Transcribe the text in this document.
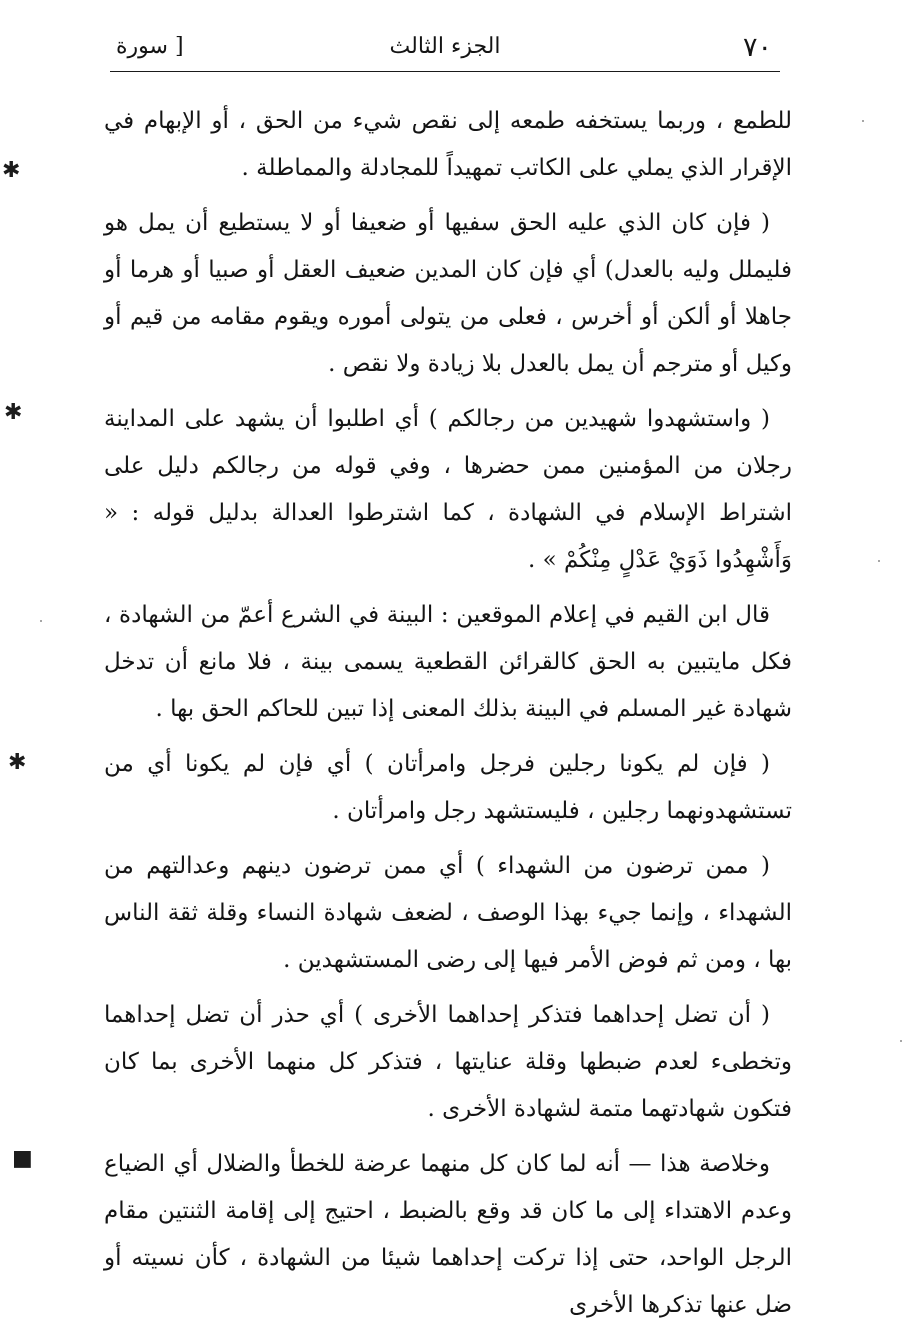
٧٠
الجزء الثالث
[ سورة

للطمع ، وربما يستخفه طمعه إلى نقص شيء من الحق ، أو الإبهام في الإقرار الذي يملي على الكاتب تمهيداً للمجادلة والمماطلة .

( فإن كان الذي عليه الحق سفيها أو ضعيفا أو لا يستطيع أن يمل هو فليملل وليه بالعدل) أي فإن كان المدين ضعيف العقل أو صبيا أو هرما أو جاهلا أو ألكن أو أخرس ، فعلى من يتولى أموره ويقوم مقامه من قيم أو وكيل أو مترجم أن يمل بالعدل بلا زيادة ولا نقص .

( واستشهدوا شهيدين من رجالكم ) أي اطلبوا أن يشهد على المداينة رجلان من المؤمنين ممن حضرها ، وفي قوله من رجالكم دليل على اشتراط الإسلام في الشهادة ، كما اشترطوا العدالة بدليل قوله : « وَأَشْهِدُوا ذَوَيْ عَدْلٍ مِنْكُمْ » .

قال ابن القيم في إعلام الموقعين : البينة في الشرع أعمّ من الشهادة ، فكل مايتبين به الحق كالقرائن القطعية يسمى بينة ، فلا مانع أن تدخل شهادة غير المسلم في البينة بذلك المعنى إذا تبين للحاكم الحق بها .

( فإن لم يكونا رجلين فرجل وامرأتان ) أي فإن لم يكونا أي من تستشهدونهما رجلين ، فليستشهد رجل وامرأتان .

( ممن ترضون من الشهداء ) أي ممن ترضون دينهم وعدالتهم من الشهداء ، وإنما جيء بهذا الوصف ، لضعف شهادة النساء وقلة ثقة الناس بها ، ومن ثم فوض الأمر فيها إلى رضى المستشهدين .

( أن تضل إحداهما فتذكر إحداهما الأخرى ) أي حذر أن تضل إحداهما وتخطىء لعدم ضبطها وقلة عنايتها ، فتذكر كل منهما الأخرى بما كان فتكون شهادتهما متمة لشهادة الأخرى .

وخلاصة هذا — أنه لما كان كل منهما عرضة للخطأ والضلال أي الضياع وعدم الاهتداء إلى ما كان قد وقع بالضبط ، احتيج إلى إقامة الثنتين مقام الرجل الواحد، حتى إذا تركت إحداهما شيئا من الشهادة ، كأن نسيته أو ضل عنها تذكرها الأخرى

✱
✱
✱
■
